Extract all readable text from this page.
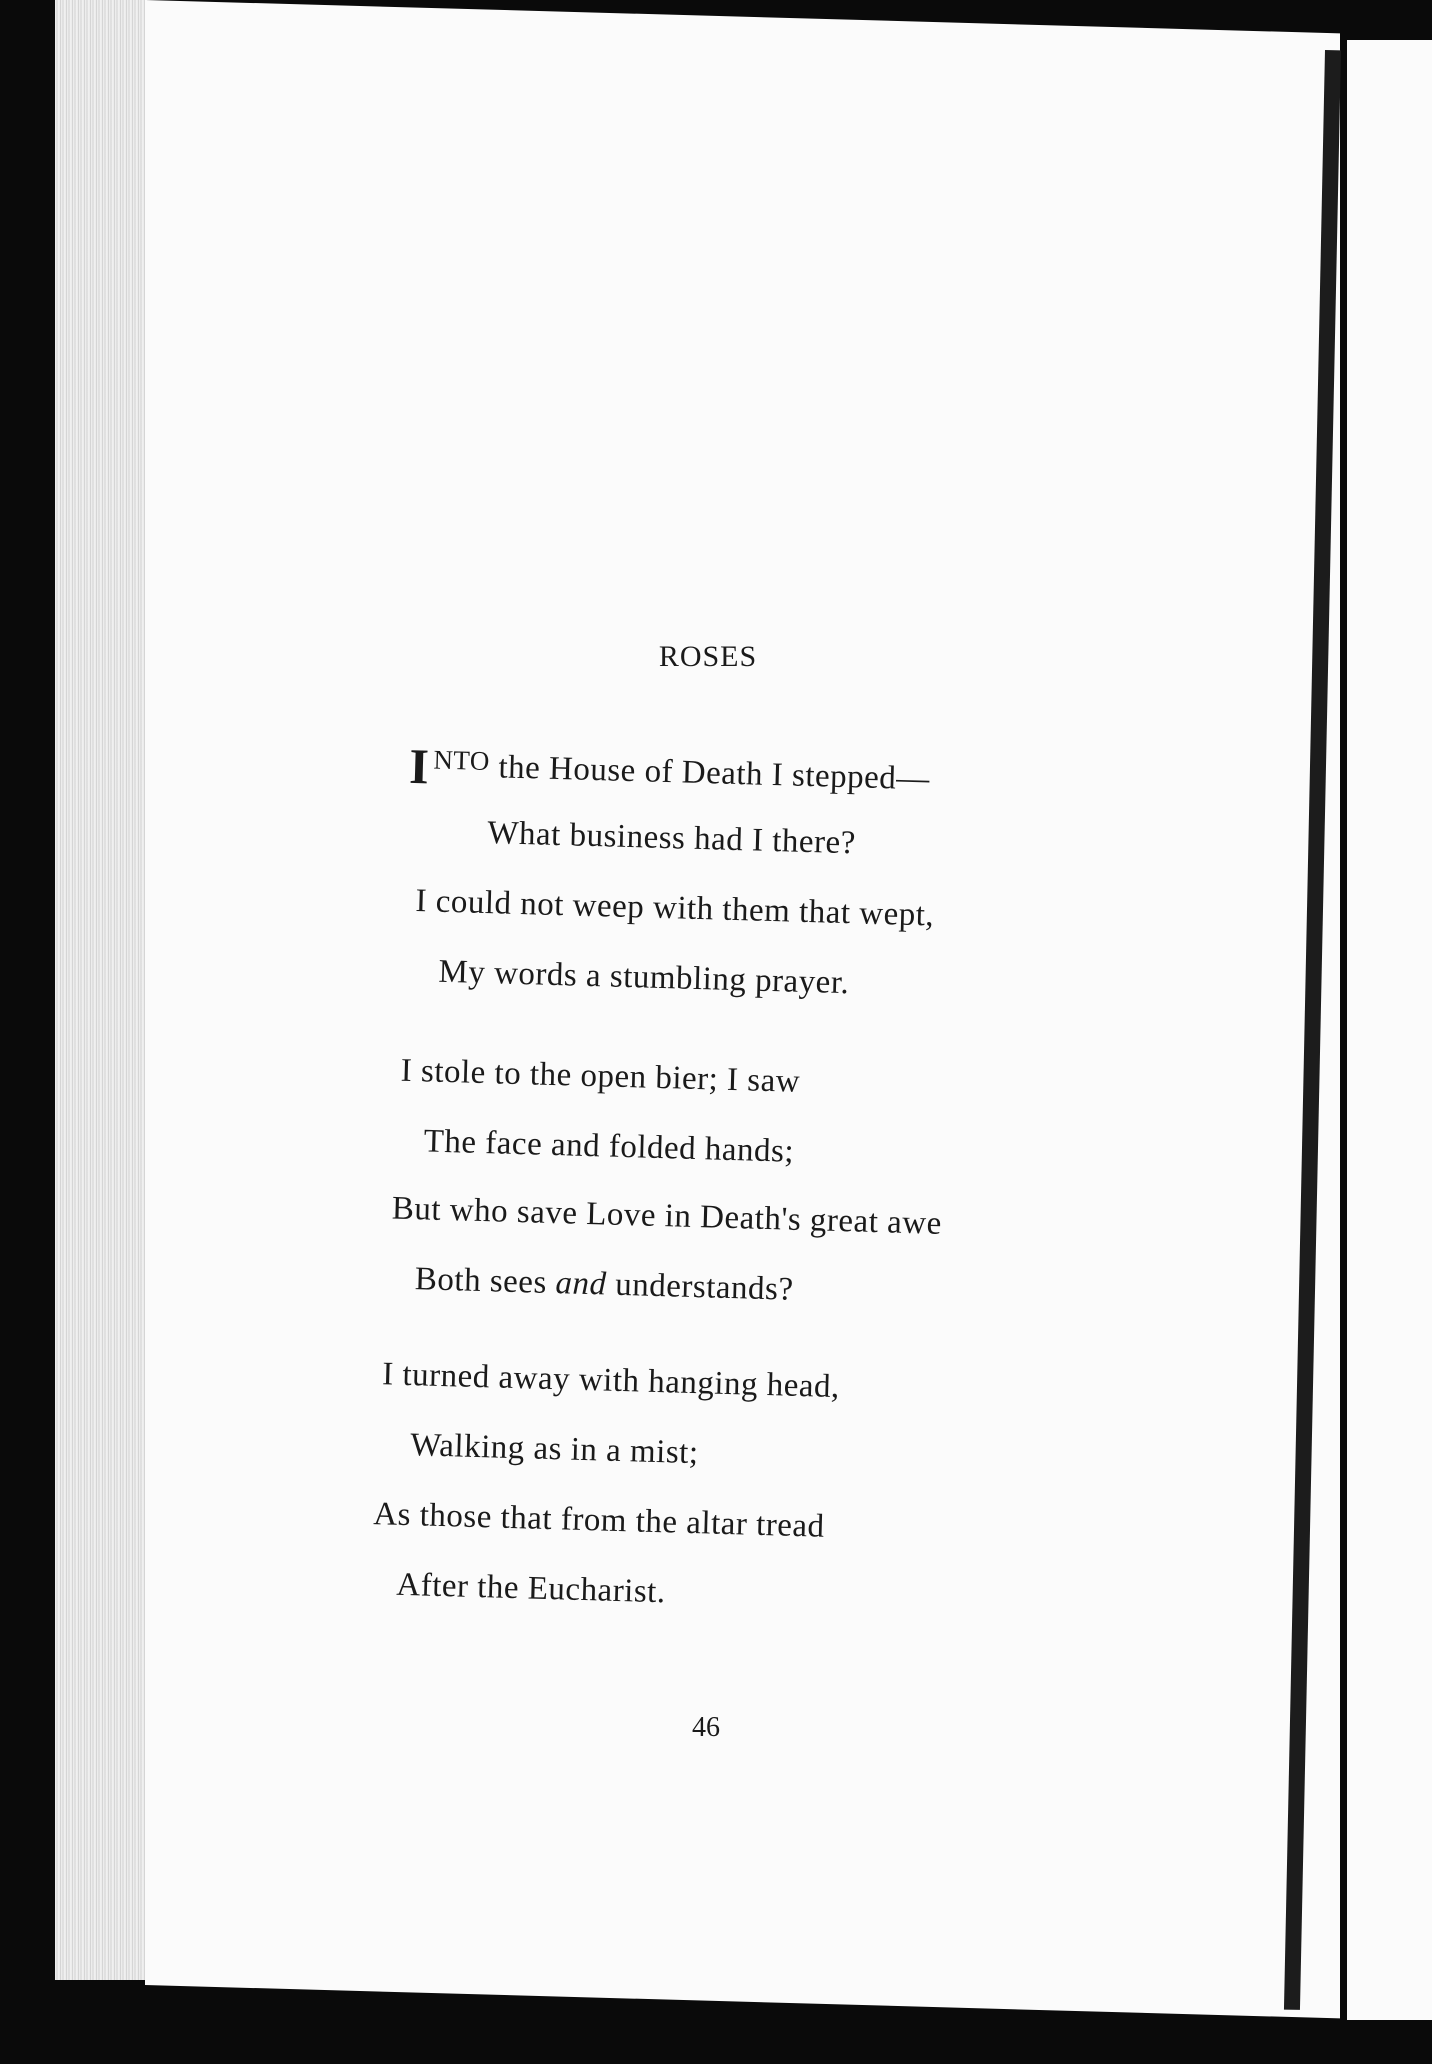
ROSES
I $^{NTO}$ the House of Death I stepped—
What business had I there?
I could not weep with them that wept,
My words a stumbling prayer.
I stole to the open bier; I saw
The face and folded hands;
But who save Love in Death's great awe
Both sees and understands?
I turned away with hanging head,
Walking as in a mist;
As those that from the altar tread
After the Eucharist.
46
